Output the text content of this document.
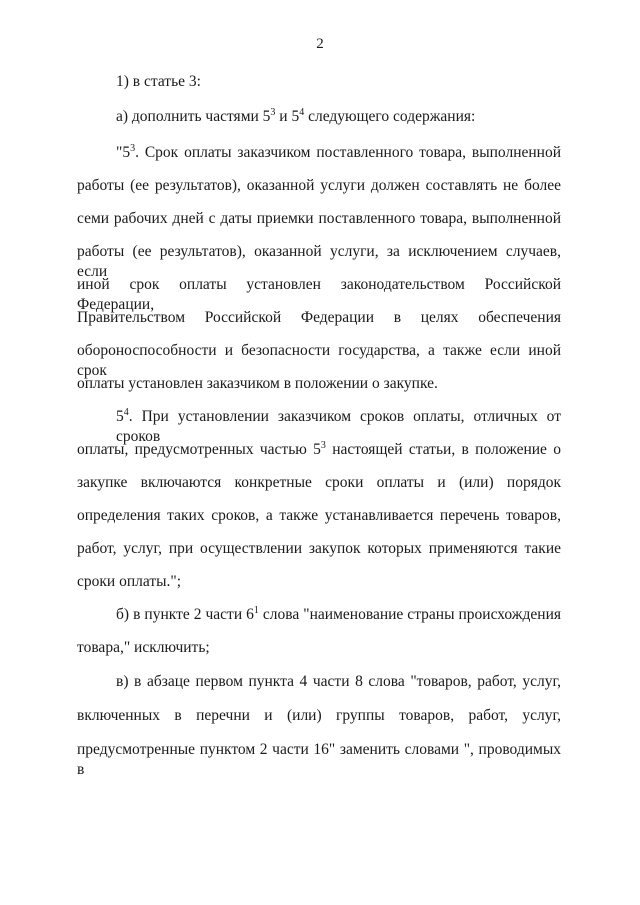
2
1) в статье 3:
а) дополнить частями $5^3$ и $5^4$ следующего содержания:
"$5^3$. Срок оплаты заказчиком поставленного товара, выполненной
работы (ее результатов), оказанной услуги должен составлять не более
семи рабочих дней с даты приемки поставленного товара, выполненной
работы (ее результатов), оказанной услуги, за исключением случаев, если
иной срок оплаты установлен законодательством Российской Федерации,
Правительством Российской Федерации в целях обеспечения
обороноспособности и безопасности государства, а также если иной срок
оплаты установлен заказчиком в положении о закупке.
$5^4$. При установлении заказчиком сроков оплаты, отличных от сроков
оплаты, предусмотренных частью $5^3$ настоящей статьи, в положение о
закупке включаются конкретные сроки оплаты и (или) порядок
определения таких сроков, а также устанавливается перечень товаров,
работ, услуг, при осуществлении закупок которых применяются такие
сроки оплаты.";
б) в пункте 2 части $6^1$ слова "наименование страны происхождения
товара," исключить;
в) в абзаце первом пункта 4 части 8 слова "товаров, работ, услуг,
включенных в перечни и (или) группы товаров, работ, услуг,
предусмотренные пунктом 2 части 16" заменить словами ", проводимых в
